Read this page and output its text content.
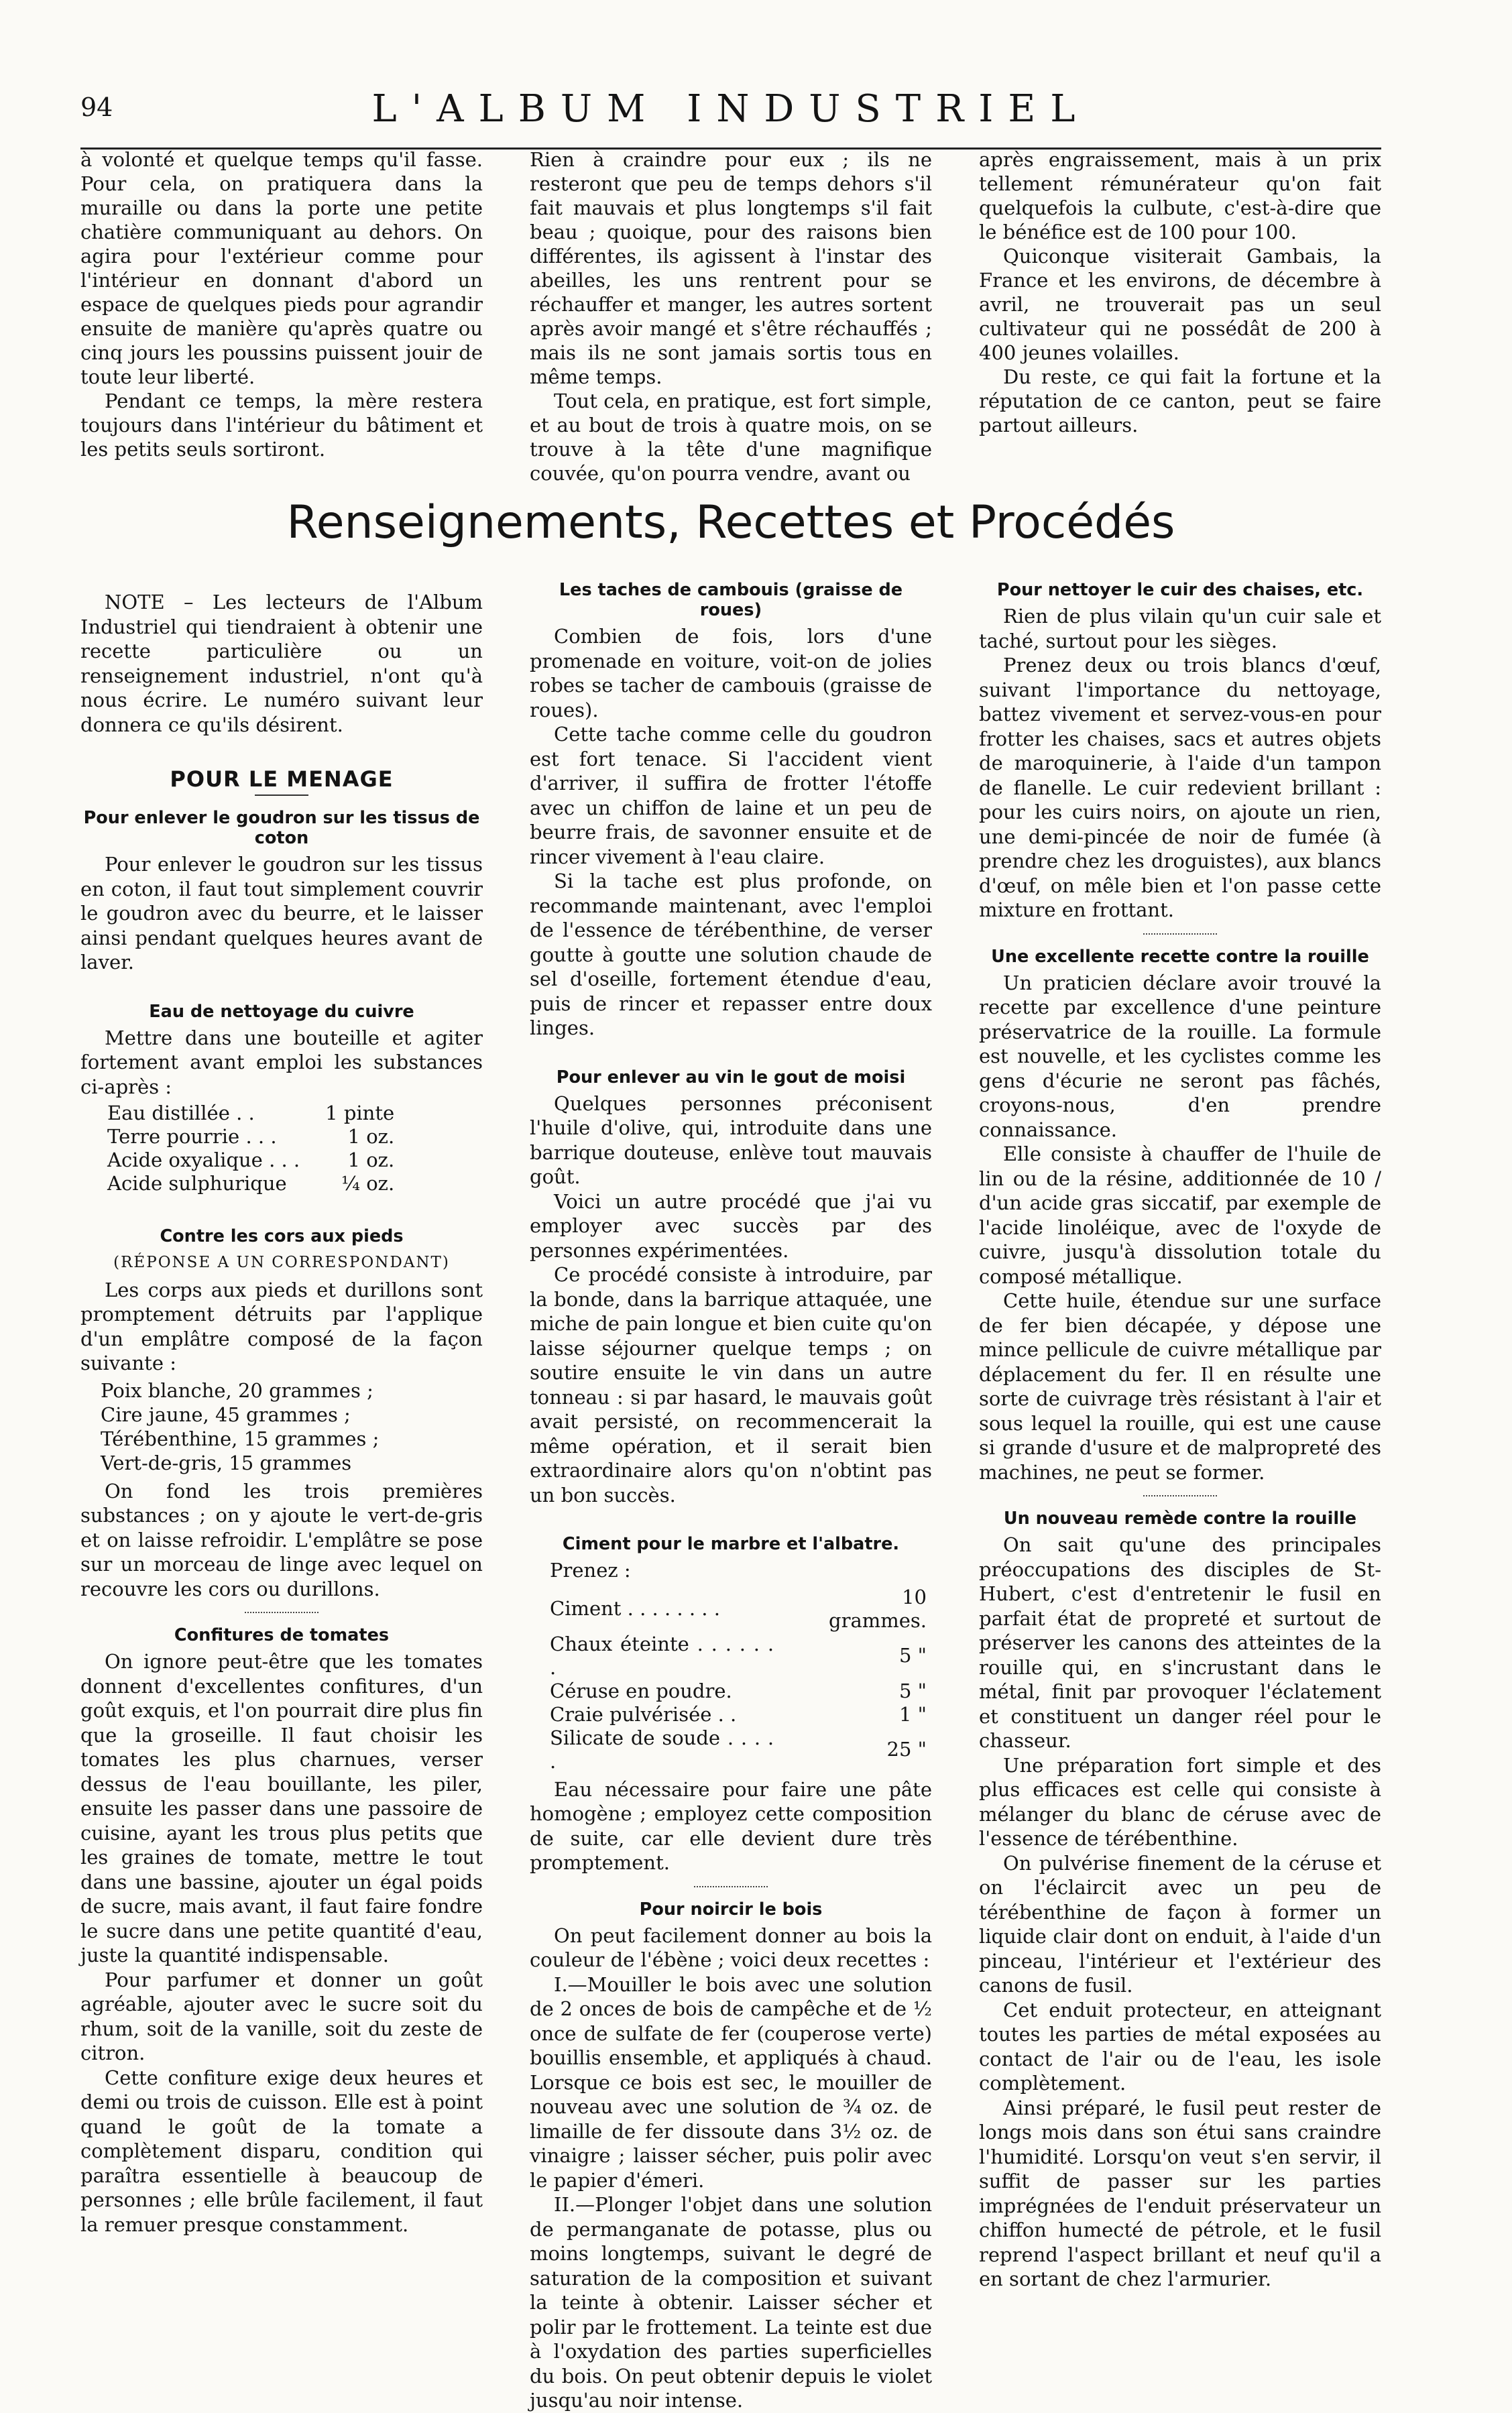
94	L'ALBUM INDUSTRIEL

à volonté et quelque temps qu'il fasse. Pour cela, on pratiquera dans la muraille ou dans la porte une petite chatière communiquant au dehors. On agira pour l'extérieur comme pour l'intérieur en donnant d'abord un espace de quelques pieds pour agrandir ensuite de manière qu'après quatre ou cinq jours les poussins puissent jouir de toute leur liberté.

Pendant ce temps, la mère restera toujours dans l'intérieur du bâtiment et les petits seuls sortiront.

Rien à craindre pour eux ; ils ne resteront que peu de temps dehors s'il fait mauvais et plus longtemps s'il fait beau ; quoique, pour des raisons bien différentes, ils agissent à l'instar des abeilles, les uns rentrent pour se réchauffer et manger, les autres sortent après avoir mangé et s'être réchauffés ; mais ils ne sont jamais sortis tous en même temps.

Tout cela, en pratique, est fort simple, et au bout de trois à quatre mois, on se trouve à la tête d'une magnifique couvée, qu'on pourra vendre, avant ou

après engraissement, mais à un prix tellement rémunérateur qu'on fait quelquefois la culbute, c'est-à-dire que le bénéfice est de 100 pour 100.

Quiconque visiterait Gambais, la France et les environs, de décembre à avril, ne trouverait pas un seul cultivateur qui ne possédât de 200 à 400 jeunes volailles.

Du reste, ce qui fait la fortune et la réputation de ce canton, peut se faire partout ailleurs.

Renseignements, Recettes et Procédés

NOTE – Les lecteurs de l'Album Industriel qui tiendraient à obtenir une recette particulière ou un renseignement industriel, n'ont qu'à nous écrire. Le numéro suivant leur donnera ce qu'ils désirent.

POUR LE MENAGE
Pour enlever le goudron sur les tissus de coton

Pour enlever le goudron sur les tissus en coton, il faut tout simplement couvrir le goudron avec du beurre, et le laisser ainsi pendant quelques heures avant de laver.

Eau de nettoyage du cuivre

Mettre dans une bouteille et agiter fortement avant emploi les substances ci-après :

Eau distillée . .	1 pinte
Terre pourrie . . .	1 oz.
Acide oxyalique . . .	1 oz.
Acide sulphurique	¼ oz.
Contre les cors aux pieds
(RÉPONSE A UN CORRESPONDANT)

Les corps aux pieds et durillons sont promptement détruits par l'applique d'un emplâtre composé de la façon suivante :

Poix blanche, 20 grammes ;
Cire jaune, 45 grammes ;
Térébenthine, 15 grammes ;
Vert-de-gris, 15 grammes

On fond les trois premières substances ; on y ajoute le vert-de-gris et on laisse refroidir. L'emplâtre se pose sur un morceau de linge avec lequel on recouvre les cors ou durillons.

Confitures de tomates

On ignore peut-être que les tomates donnent d'excellentes confitures, d'un goût exquis, et l'on pourrait dire plus fin que la groseille. Il faut choisir les tomates les plus charnues, verser dessus de l'eau bouillante, les piler, ensuite les passer dans une passoire de cuisine, ayant les trous plus petits que les graines de tomate, mettre le tout dans une bassine, ajouter un égal poids de sucre, mais avant, il faut faire fondre le sucre dans une petite quantité d'eau, juste la quantité indispensable.

Pour parfumer et donner un goût agréable, ajouter avec le sucre soit du rhum, soit de la vanille, soit du zeste de citron.

Cette confiture exige deux heures et demi ou trois de cuisson. Elle est à point quand le goût de la tomate a complètement disparu, condition qui paraîtra essentielle à beaucoup de personnes ; elle brûle facilement, il faut la remuer presque constamment.

Les taches de cambouis (graisse de roues)

Combien de fois, lors d'une promenade en voiture, voit-on de jolies robes se tacher de cambouis (graisse de roues).

Cette tache comme celle du goudron est fort tenace. Si l'accident vient d'arriver, il suffira de frotter l'étoffe avec un chiffon de laine et un peu de beurre frais, de savonner ensuite et de rincer vivement à l'eau claire.

Si la tache est plus profonde, on recommande maintenant, avec l'emploi de l'essence de térébenthine, de verser goutte à goutte une solution chaude de sel d'oseille, fortement étendue d'eau, puis de rincer et repasser entre doux linges.

Pour enlever au vin le gout de moisi

Quelques personnes préconisent l'huile d'olive, qui, introduite dans une barrique douteuse, enlève tout mauvais goût.

Voici un autre procédé que j'ai vu employer avec succès par des personnes expérimentées.

Ce procédé consiste à introduire, par la bonde, dans la barrique attaquée, une miche de pain longue et bien cuite qu'on laisse séjourner quelque temps ; on soutire ensuite le vin dans un autre tonneau : si par hasard, le mauvais goût avait persisté, on recommencerait la même opération, et il serait bien extraordinaire alors qu'on n'obtint pas un bon succès.

Ciment pour le marbre et l'albatre.

Prenez :

Ciment . . . . . . . .	10 grammes.
Chaux éteinte . . . . . . .	5 "
Céruse en poudre.	5 "
Craie pulvérisée . .	1 "
Silicate de soude . . . . .	25 "

Eau nécessaire pour faire une pâte homogène ; employez cette composition de suite, car elle devient dure très promptement.

Pour noircir le bois

On peut facilement donner au bois la couleur de l'ébène ; voici deux recettes :

I.—Mouiller le bois avec une solution de 2 onces de bois de campêche et de ½ once de sulfate de fer (couperose verte) bouillis ensemble, et appliqués à chaud. Lorsque ce bois est sec, le mouiller de nouveau avec une solution de ¾ oz. de limaille de fer dissoute dans 3½ oz. de vinaigre ; laisser sécher, puis polir avec le papier d'émeri.

II.—Plonger l'objet dans une solution de permanganate de potasse, plus ou moins longtemps, suivant le degré de saturation de la composition et suivant la teinte à obtenir. Laisser sécher et polir par le frottement. La teinte est due à l'oxydation des parties superficielles du bois. On peut obtenir depuis le violet jusqu'au noir intense.

Pour nettoyer le cuir des chaises, etc.

Rien de plus vilain qu'un cuir sale et taché, surtout pour les sièges.

Prenez deux ou trois blancs d'œuf, suivant l'importance du nettoyage, battez vivement et servez-vous-en pour frotter les chaises, sacs et autres objets de maroquinerie, à l'aide d'un tampon de flanelle. Le cuir redevient brillant : pour les cuirs noirs, on ajoute un rien, une demi-pincée de noir de fumée (à prendre chez les droguistes), aux blancs d'œuf, on mêle bien et l'on passe cette mixture en frottant.

Une excellente recette contre la rouille

Un praticien déclare avoir trouvé la recette par excellence d'une peinture préservatrice de la rouille. La formule est nouvelle, et les cyclistes comme les gens d'écurie ne seront pas fâchés, croyons-nous, d'en prendre connaissance.

Elle consiste à chauffer de l'huile de lin ou de la résine, additionnée de 10 / d'un acide gras siccatif, par exemple de l'acide linoléique, avec de l'oxyde de cuivre, jusqu'à dissolution totale du composé métallique.

Cette huile, étendue sur une surface de fer bien décapée, y dépose une mince pellicule de cuivre métallique par déplacement du fer. Il en résulte une sorte de cuivrage très résistant à l'air et sous lequel la rouille, qui est une cause si grande d'usure et de malpropreté des machines, ne peut se former.

Un nouveau remède contre la rouille

On sait qu'une des principales préoccupations des disciples de St-Hubert, c'est d'entretenir le fusil en parfait état de propreté et surtout de préserver les canons des atteintes de la rouille qui, en s'incrustant dans le métal, finit par provoquer l'éclatement et constituent un danger réel pour le chasseur.

Une préparation fort simple et des plus efficaces est celle qui consiste à mélanger du blanc de céruse avec de l'essence de térébenthine.

On pulvérise finement de la céruse et on l'éclaircit avec un peu de térébenthine de façon à former un liquide clair dont on enduit, à l'aide d'un pinceau, l'intérieur et l'extérieur des canons de fusil.

Cet enduit protecteur, en atteignant toutes les parties de métal exposées au contact de l'air ou de l'eau, les isole complètement.

Ainsi préparé, le fusil peut rester de longs mois dans son étui sans craindre l'humidité. Lorsqu'on veut s'en servir, il suffit de passer sur les parties imprégnées de l'enduit préservateur un chiffon humecté de pétrole, et le fusil reprend l'aspect brillant et neuf qu'il a en sortant de chez l'armurier.
